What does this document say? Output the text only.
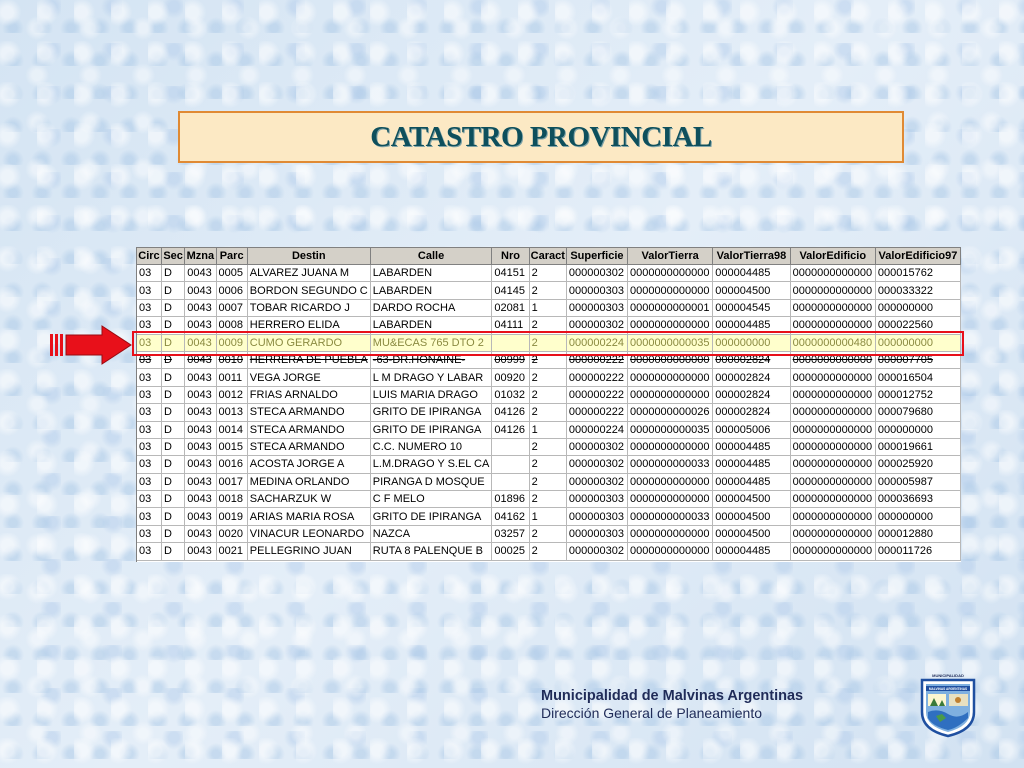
CATASTRO PROVINCIAL
Circ	Sec	Mzna	Parc	Destin	Calle	Nro	Caract	Superficie	ValorTierra	ValorTierra98	ValorEdificio	ValorEdificio97
03	D	0043	0005	ALVAREZ JUANA M	LABARDEN	04151	2	000000302	0000000000000	000004485	0000000000000	000015762
03	D	0043	0006	BORDON SEGUNDO C	LABARDEN	04145	2	000000303	0000000000000	000004500	0000000000000	000033322
03	D	0043	0007	TOBAR RICARDO J	DARDO ROCHA	02081	1	000000303	0000000000001	000004545	0000000000000	000000000
03	D	0043	0008	HERRERO ELIDA	LABARDEN	04111	2	000000302	0000000000000	000004485	0000000000000	000022560
03	D	0043	0009	CUMO GERARDO	MU&ECAS 765 DTO 2		2	000000224	0000000000035	000000000	0000000000480	000000000
03	D	0043	0010	HERRERA DE PUEBLA	-63-DR.HONAINE-	00999	2	000000222	0000000000000	000002824	0000000000000	000007705
03	D	0043	0011	VEGA JORGE	L M DRAGO Y LABAR	00920	2	000000222	0000000000000	000002824	0000000000000	000016504
03	D	0043	0012	FRIAS ARNALDO	LUIS MARIA DRAGO	01032	2	000000222	0000000000000	000002824	0000000000000	000012752
03	D	0043	0013	STECA ARMANDO	GRITO DE IPIRANGA	04126	2	000000222	0000000000026	000002824	0000000000000	000079680
03	D	0043	0014	STECA ARMANDO	GRITO DE IPIRANGA	04126	1	000000224	0000000000035	000005006	0000000000000	000000000
03	D	0043	0015	STECA ARMANDO	C.C. NUMERO 10		2	000000302	0000000000000	000004485	0000000000000	000019661
03	D	0043	0016	ACOSTA JORGE A	L.M.DRAGO Y S.EL CA		2	000000302	0000000000033	000004485	0000000000000	000025920
03	D	0043	0017	MEDINA ORLANDO	PIRANGA D MOSQUE		2	000000302	0000000000000	000004485	0000000000000	000005987
03	D	0043	0018	SACHARZUK W	C F MELO	01896	2	000000303	0000000000000	000004500	0000000000000	000036693
03	D	0043	0019	ARIAS MARIA ROSA	GRITO DE IPIRANGA	04162	1	000000303	0000000000033	000004500	0000000000000	000000000
03	D	0043	0020	VINACUR LEONARDO	NAZCA	03257	2	000000303	0000000000000	000004500	0000000000000	000012880
03	D	0043	0021	PELLEGRINO JUAN	RUTA 8 PALENQUE B	00025	2	000000302	0000000000000	000004485	0000000000000	000011726
Municipalidad de Malvinas Argentinas
Dirección General de Planeamiento
MUNICIPALIDAD
MALVINAS ARGENTINAS
